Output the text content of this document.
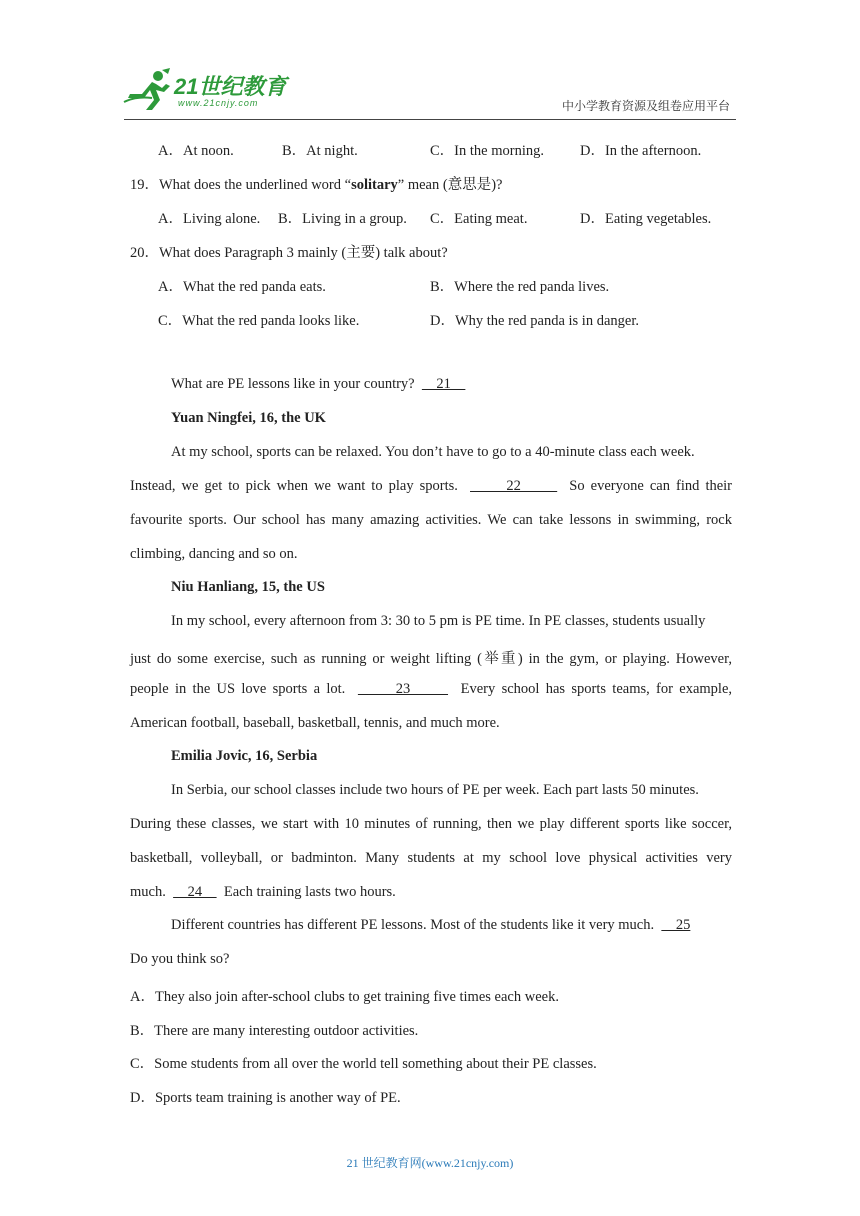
21世纪教育
www.21cnjy.com	中小学教育资源及组卷应用平台
A．At noon.	B．At night.	C．In the morning. D．In the afternoon.
19．What does the underlined word “solitary” mean (意思是)?
A．Living alone. B．Living in a group. C．Eating meat.	D．Eating vegetables.
20．What does Paragraph 3 mainly (主要) talk about?
A．What the red panda eats.	B．Where the red panda lives.
C．What the red panda looks like.	D．Why the red panda is in danger.
What are PE lessons like in your country?      21
Yuan Ningfei, 16, the UK
At my school, sports can be relaxed. You don’t have to go to a 40-minute class each week.
Instead, we get to pick when we want to play sports.        22        So everyone can find their
favourite sports. Our school has many amazing activities. We can take lessons in swimming, rock
climbing, dancing and so on.
Niu Hanliang, 15, the US
In my school, every afternoon from 3: 30 to 5 pm is PE time. In PE classes, students usually
just do some exercise, such as running or weight lifting (举重) in the gym, or playing. However,
people in the US love sports a lot.        23        Every school has sports teams, for example,
American football, baseball, basketball, tennis, and much more.
Emilia Jovic, 16, Serbia
In Serbia, our school classes include two hours of PE per week. Each part lasts 50 minutes.
During these classes, we start with 10 minutes of running, then we play different sports like soccer,
basketball, volleyball, or badminton. Many students at my school love physical activities very
much.      24      Each training lasts two hours.
Different countries has different PE lessons. Most of the students like it very much.      25
Do you think so?
A．They also join after-school clubs to get training five times each week.
B．There are many interesting outdoor activities.
C．Some students from all over the world tell something about their PE classes.
D．Sports team training is another way of PE.
21 世纪教育网(www.21cnjy.com)
